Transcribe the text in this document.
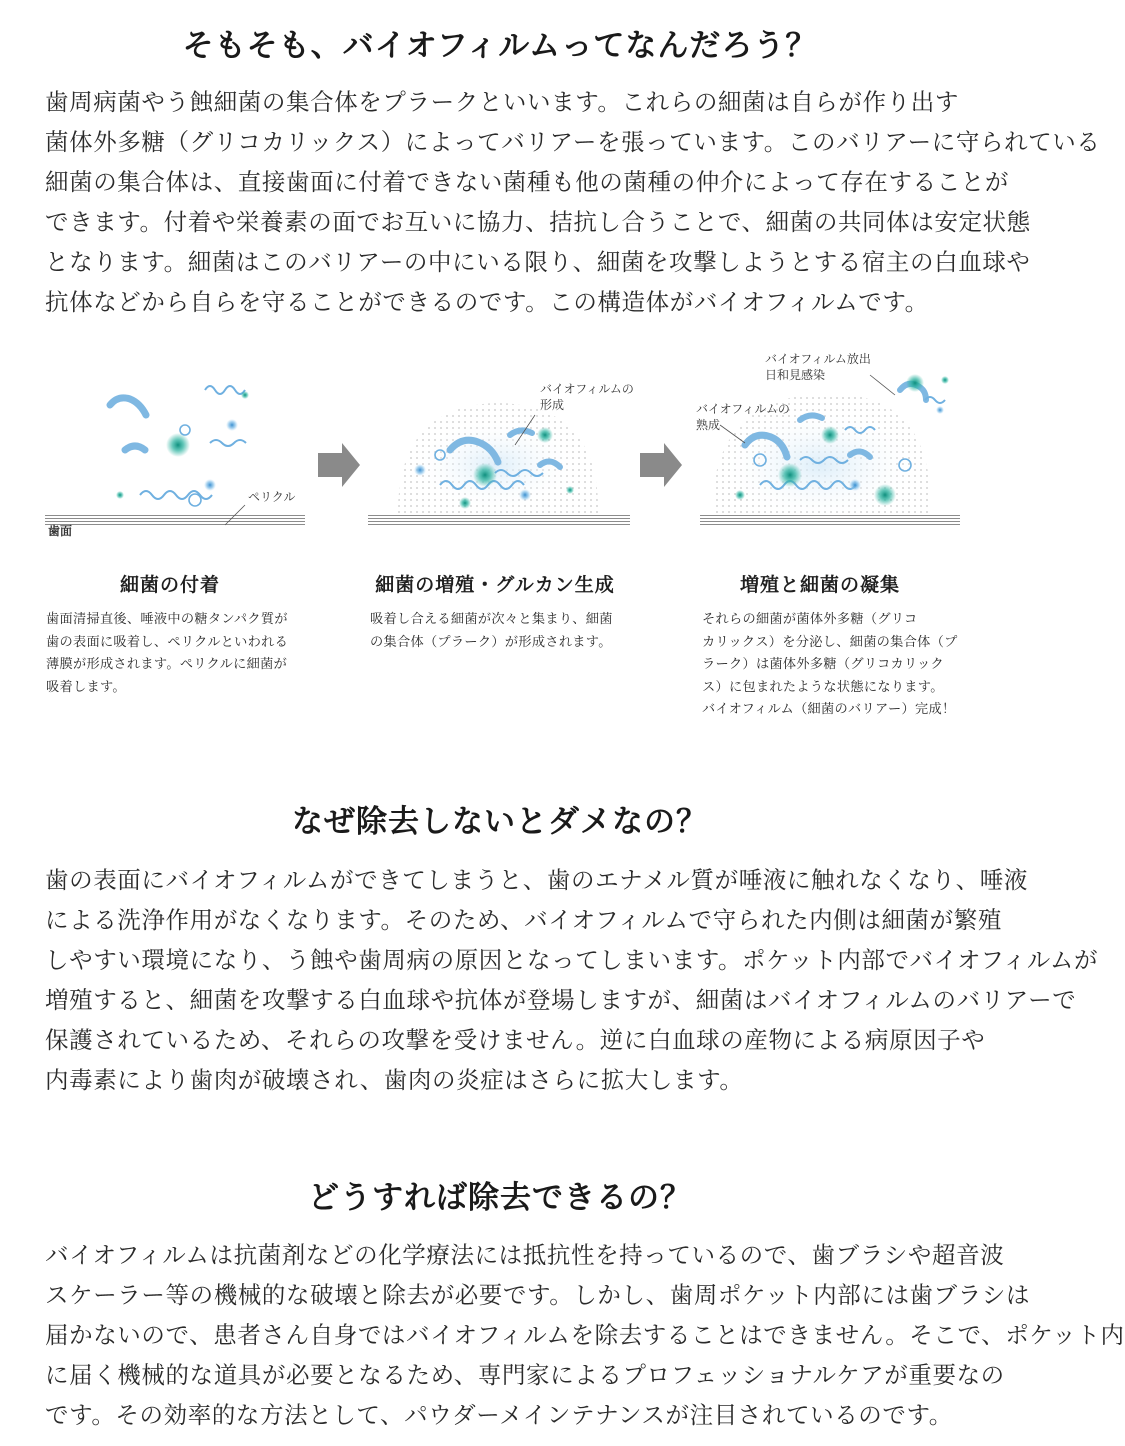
そもそも、バイオフィルムってなんだろう？
歯周病菌やう蝕細菌の集合体をプラークといいます。これらの細菌は自らが作り出す
菌体外多糖（グリコカリックス）によってバリアーを張っています。このバリアーに守られている
細菌の集合体は、直接歯面に付着できない菌種も他の菌種の仲介によって存在することが
できます。付着や栄養素の面でお互いに協力、拮抗し合うことで、細菌の共同体は安定状態
となります。細菌はこのバリアーの中にいる限り、細菌を攻撃しようとする宿主の白血球や
抗体などから自らを守ることができるのです。この構造体がバイオフィルムです。
ペリクル
歯面
バイオフィルムの
形成	バイオフィルムの
熟成
バイオフィルム放出
日和見感染
細菌の付着	細菌の増殖・グルカン生成	増殖と細菌の凝集
歯面清掃直後、唾液中の糖タンパク質が
歯の表面に吸着し、ペリクルといわれる
薄膜が形成されます。ペリクルに細菌が
吸着します。
吸着し合える細菌が次々と集まり、細菌
の集合体（プラーク）が形成されます。
それらの細菌が菌体外多糖（グリコ
カリックス）を分泌し、細菌の集合体（プ
ラーク）は菌体外多糖（グリコカリック
ス）に包まれたような状態になります。
バイオフィルム（細菌のバリアー）完成！
なぜ除去しないとダメなの？
歯の表面にバイオフィルムができてしまうと、歯のエナメル質が唾液に触れなくなり、唾液
による洗浄作用がなくなります。そのため、バイオフィルムで守られた内側は細菌が繁殖
しやすい環境になり、う蝕や歯周病の原因となってしまいます。ポケット内部でバイオフィルムが
増殖すると、細菌を攻撃する白血球や抗体が登場しますが、細菌はバイオフィルムのバリアーで
保護されているため、それらの攻撃を受けません。逆に白血球の産物による病原因子や
内毒素により歯肉が破壊され、歯肉の炎症はさらに拡大します。
どうすれば除去できるの？
バイオフィルムは抗菌剤などの化学療法には抵抗性を持っているので、歯ブラシや超音波
スケーラー等の機械的な破壊と除去が必要です。しかし、歯周ポケット内部には歯ブラシは
届かないので、患者さん自身ではバイオフィルムを除去することはできません。そこで、ポケット内
に届く機械的な道具が必要となるため、専門家によるプロフェッショナルケアが重要なの
です。その効率的な方法として、パウダーメインテナンスが注目されているのです。
